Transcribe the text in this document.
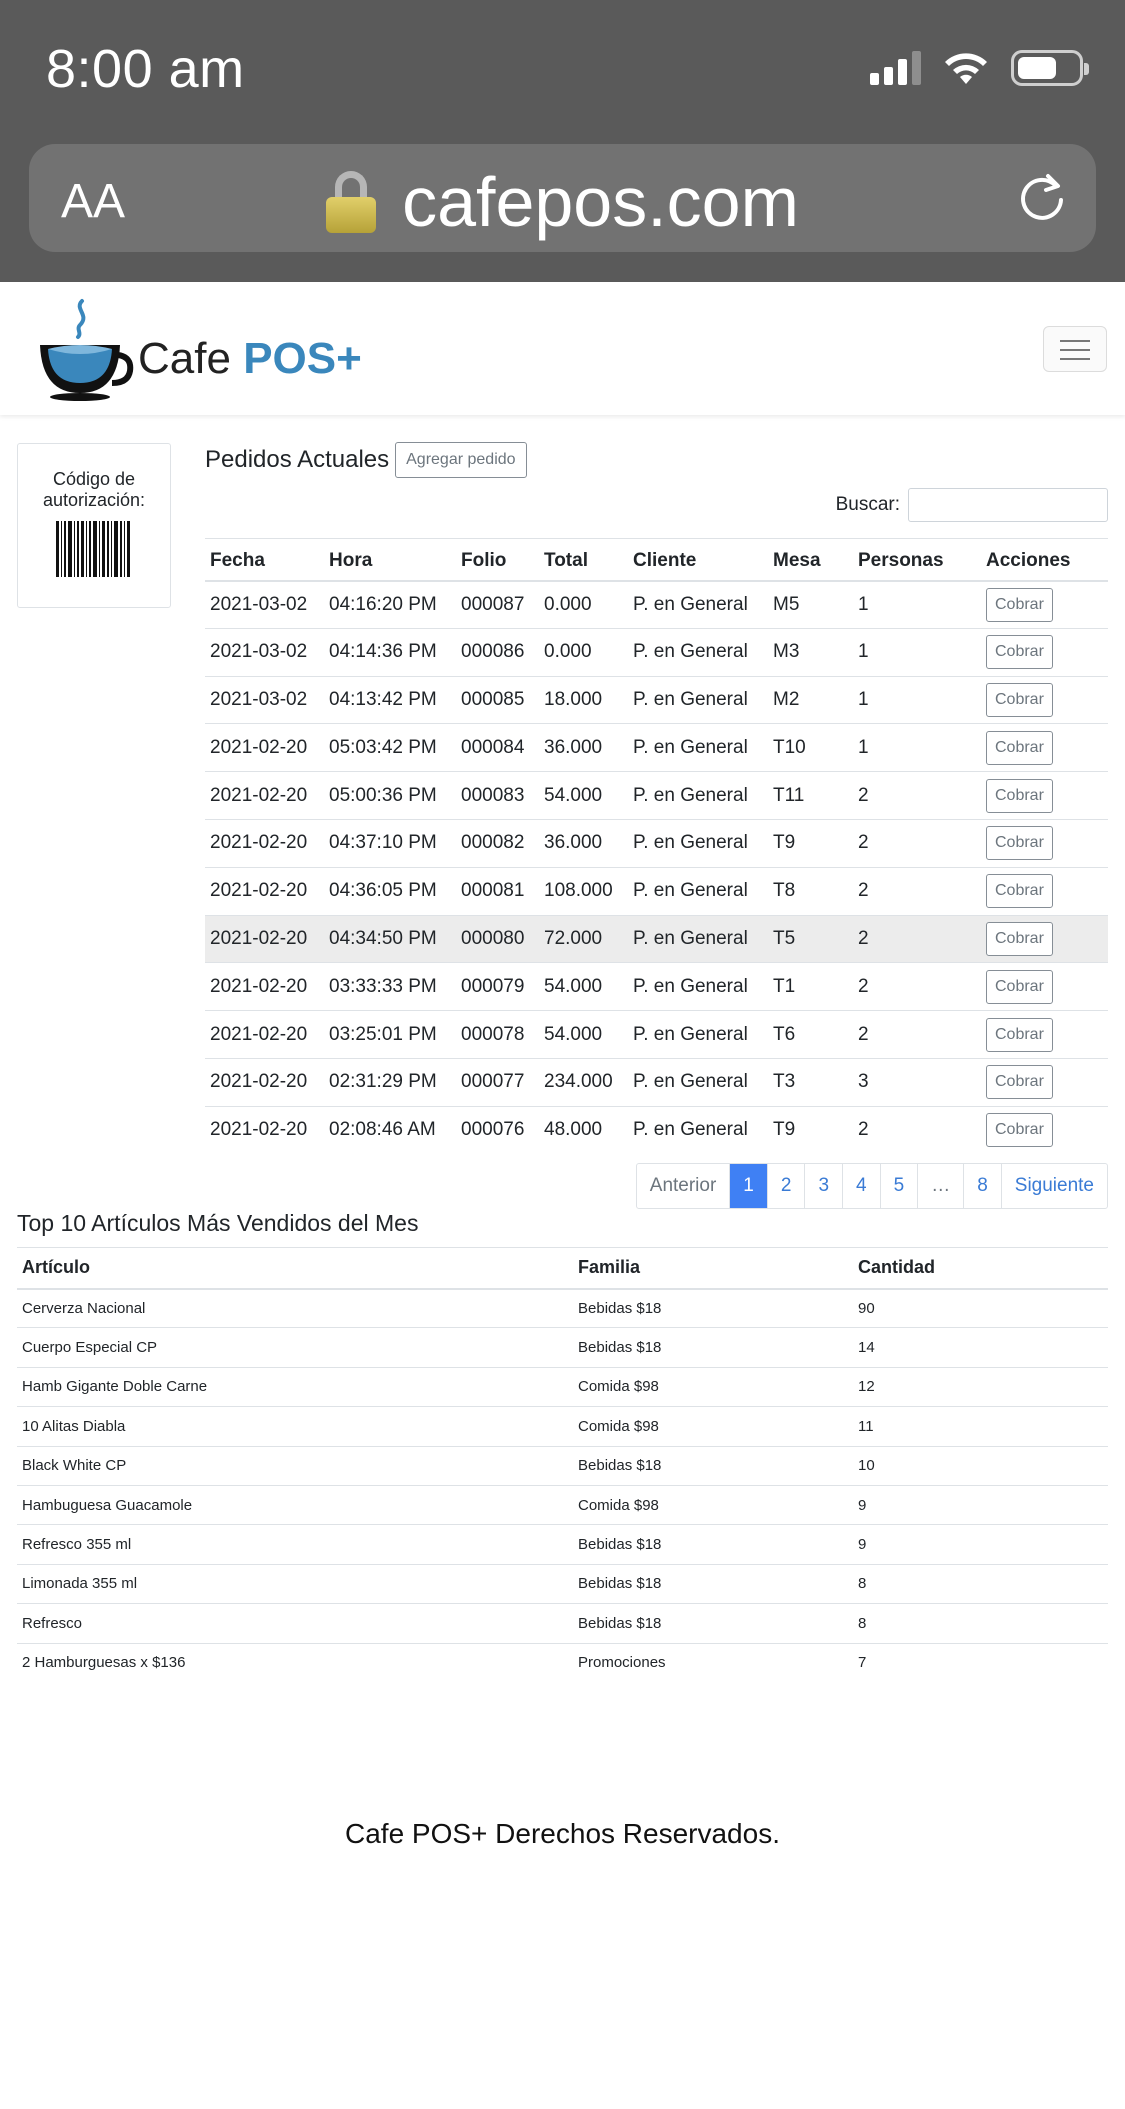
8:00 am
AA	cafepos.com
Cafe POS+
Código de autorización:
Pedidos Actuales	Agregar pedido
Buscar:
Fecha	Hora	Folio	Total	Cliente	Mesa	Personas	Acciones
2021-03-02	04:16:20 PM	000087	0.000	P. en General	M5	1	Cobrar
2021-03-02	04:14:36 PM	000086	0.000	P. en General	M3	1	Cobrar
2021-03-02	04:13:42 PM	000085	18.000	P. en General	M2	1	Cobrar
2021-02-20	05:03:42 PM	000084	36.000	P. en General	T10	1	Cobrar
2021-02-20	05:00:36 PM	000083	54.000	P. en General	T11	2	Cobrar
2021-02-20	04:37:10 PM	000082	36.000	P. en General	T9	2	Cobrar
2021-02-20	04:36:05 PM	000081	108.000	P. en General	T8	2	Cobrar
2021-02-20	04:34:50 PM	000080	72.000	P. en General	T5	2	Cobrar
2021-02-20	03:33:33 PM	000079	54.000	P. en General	T1	2	Cobrar
2021-02-20	03:25:01 PM	000078	54.000	P. en General	T6	2	Cobrar
2021-02-20	02:31:29 PM	000077	234.000	P. en General	T3	3	Cobrar
2021-02-20	02:08:46 AM	000076	48.000	P. en General	T9	2	Cobrar
Anterior	1	2	3	4	5	…	8	Siguiente
Top 10 Artículos Más Vendidos del Mes
Artículo	Familia	Cantidad
Cerverza Nacional	Bebidas $18	90
Cuerpo Especial CP	Bebidas $18	14
Hamb Gigante Doble Carne	Comida $98	12
10 Alitas Diabla	Comida $98	11
Black White CP	Bebidas $18	10
Hambuguesa Guacamole	Comida $98	9
Refresco 355 ml	Bebidas $18	9
Limonada 355 ml	Bebidas $18	8
Refresco	Bebidas $18	8
2 Hamburguesas x $136	Promociones	7
Cafe POS+ Derechos Reservados.
